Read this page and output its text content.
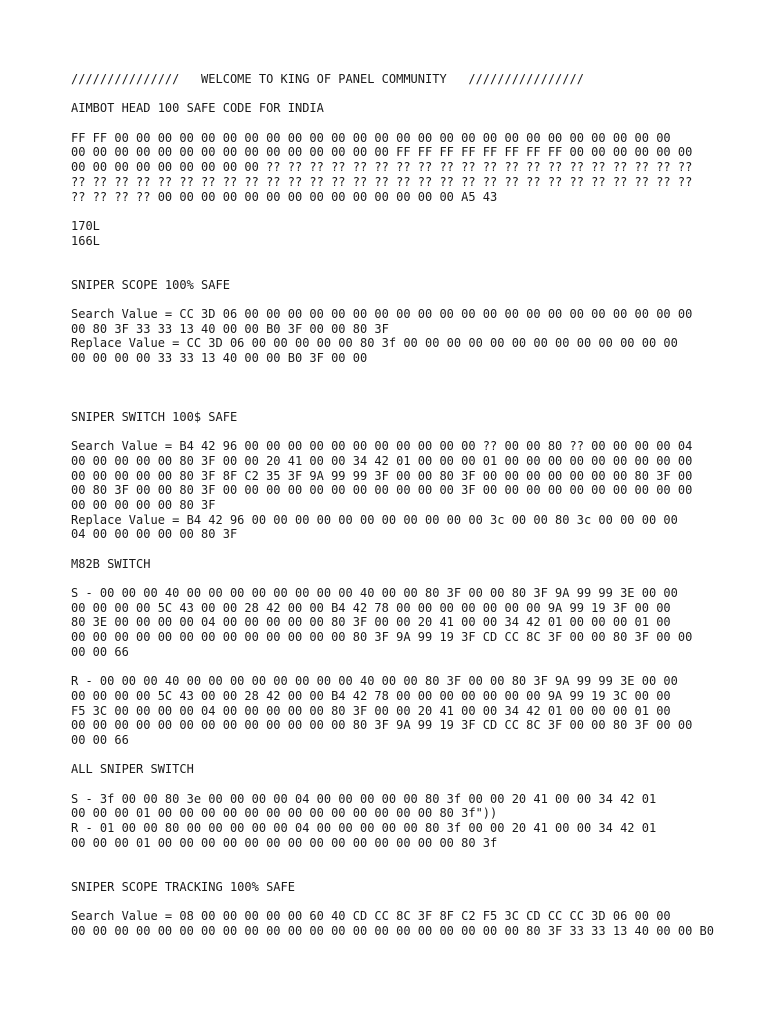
///////////////   WELCOME TO KING OF PANEL COMMUNITY   ////////////////
AIMBOT HEAD 100 SAFE CODE FOR INDIA
FF FF 00 00 00 00 00 00 00 00 00 00 00 00 00 00 00 00 00 00 00 00 00 00 00 00 00 00
00 00 00 00 00 00 00 00 00 00 00 00 00 00 00 FF FF FF FF FF FF FF FF 00 00 00 00 00 00
00 00 00 00 00 00 00 00 00 ?? ?? ?? ?? ?? ?? ?? ?? ?? ?? ?? ?? ?? ?? ?? ?? ?? ?? ?? ??
?? ?? ?? ?? ?? ?? ?? ?? ?? ?? ?? ?? ?? ?? ?? ?? ?? ?? ?? ?? ?? ?? ?? ?? ?? ?? ?? ?? ??
?? ?? ?? ?? 00 00 00 00 00 00 00 00 00 00 00 00 00 00 A5 43
170L
166L
SNIPER SCOPE 100% SAFE
Search Value = CC 3D 06 00 00 00 00 00 00 00 00 00 00 00 00 00 00 00 00 00 00 00 00 00
00 80 3F 33 33 13 40 00 00 B0 3F 00 00 80 3F
Replace Value = CC 3D 06 00 00 00 00 00 80 3f 00 00 00 00 00 00 00 00 00 00 00 00 00
00 00 00 00 33 33 13 40 00 00 B0 3F 00 00
SNIPER SWITCH 100$ SAFE
Search Value = B4 42 96 00 00 00 00 00 00 00 00 00 00 00 ?? 00 00 80 ?? 00 00 00 00 04
00 00 00 00 00 80 3F 00 00 20 41 00 00 34 42 01 00 00 00 01 00 00 00 00 00 00 00 00 00
00 00 00 00 00 80 3F 8F C2 35 3F 9A 99 99 3F 00 00 80 3F 00 00 00 00 00 00 00 80 3F 00
00 80 3F 00 00 80 3F 00 00 00 00 00 00 00 00 00 00 00 3F 00 00 00 00 00 00 00 00 00 00
00 00 00 00 00 80 3F
Replace Value = B4 42 96 00 00 00 00 00 00 00 00 00 00 00 3c 00 00 80 3c 00 00 00 00
04 00 00 00 00 00 80 3F
M82B SWITCH
S - 00 00 00 40 00 00 00 00 00 00 00 00 40 00 00 80 3F 00 00 80 3F 9A 99 99 3E 00 00
00 00 00 00 5C 43 00 00 28 42 00 00 B4 42 78 00 00 00 00 00 00 00 9A 99 19 3F 00 00
80 3E 00 00 00 00 04 00 00 00 00 00 80 3F 00 00 20 41 00 00 34 42 01 00 00 00 01 00
00 00 00 00 00 00 00 00 00 00 00 00 00 80 3F 9A 99 19 3F CD CC 8C 3F 00 00 80 3F 00 00
00 00 66
R - 00 00 00 40 00 00 00 00 00 00 00 00 40 00 00 80 3F 00 00 80 3F 9A 99 99 3E 00 00
00 00 00 00 5C 43 00 00 28 42 00 00 B4 42 78 00 00 00 00 00 00 00 9A 99 19 3C 00 00
F5 3C 00 00 00 00 04 00 00 00 00 00 80 3F 00 00 20 41 00 00 34 42 01 00 00 00 01 00
00 00 00 00 00 00 00 00 00 00 00 00 00 80 3F 9A 99 19 3F CD CC 8C 3F 00 00 80 3F 00 00
00 00 66
ALL SNIPER SWITCH
S - 3f 00 00 80 3e 00 00 00 00 04 00 00 00 00 00 80 3f 00 00 20 41 00 00 34 42 01
00 00 00 01 00 00 00 00 00 00 00 00 00 00 00 00 00 80 3f"))
R - 01 00 00 80 00 00 00 00 00 04 00 00 00 00 00 80 3f 00 00 20 41 00 00 34 42 01
00 00 00 01 00 00 00 00 00 00 00 00 00 00 00 00 00 00 80 3f
SNIPER SCOPE TRACKING 100% SAFE
Search Value = 08 00 00 00 00 00 60 40 CD CC 8C 3F 8F C2 F5 3C CD CC CC 3D 06 00 00
00 00 00 00 00 00 00 00 00 00 00 00 00 00 00 00 00 00 00 00 00 80 3F 33 33 13 40 00 00 B0
